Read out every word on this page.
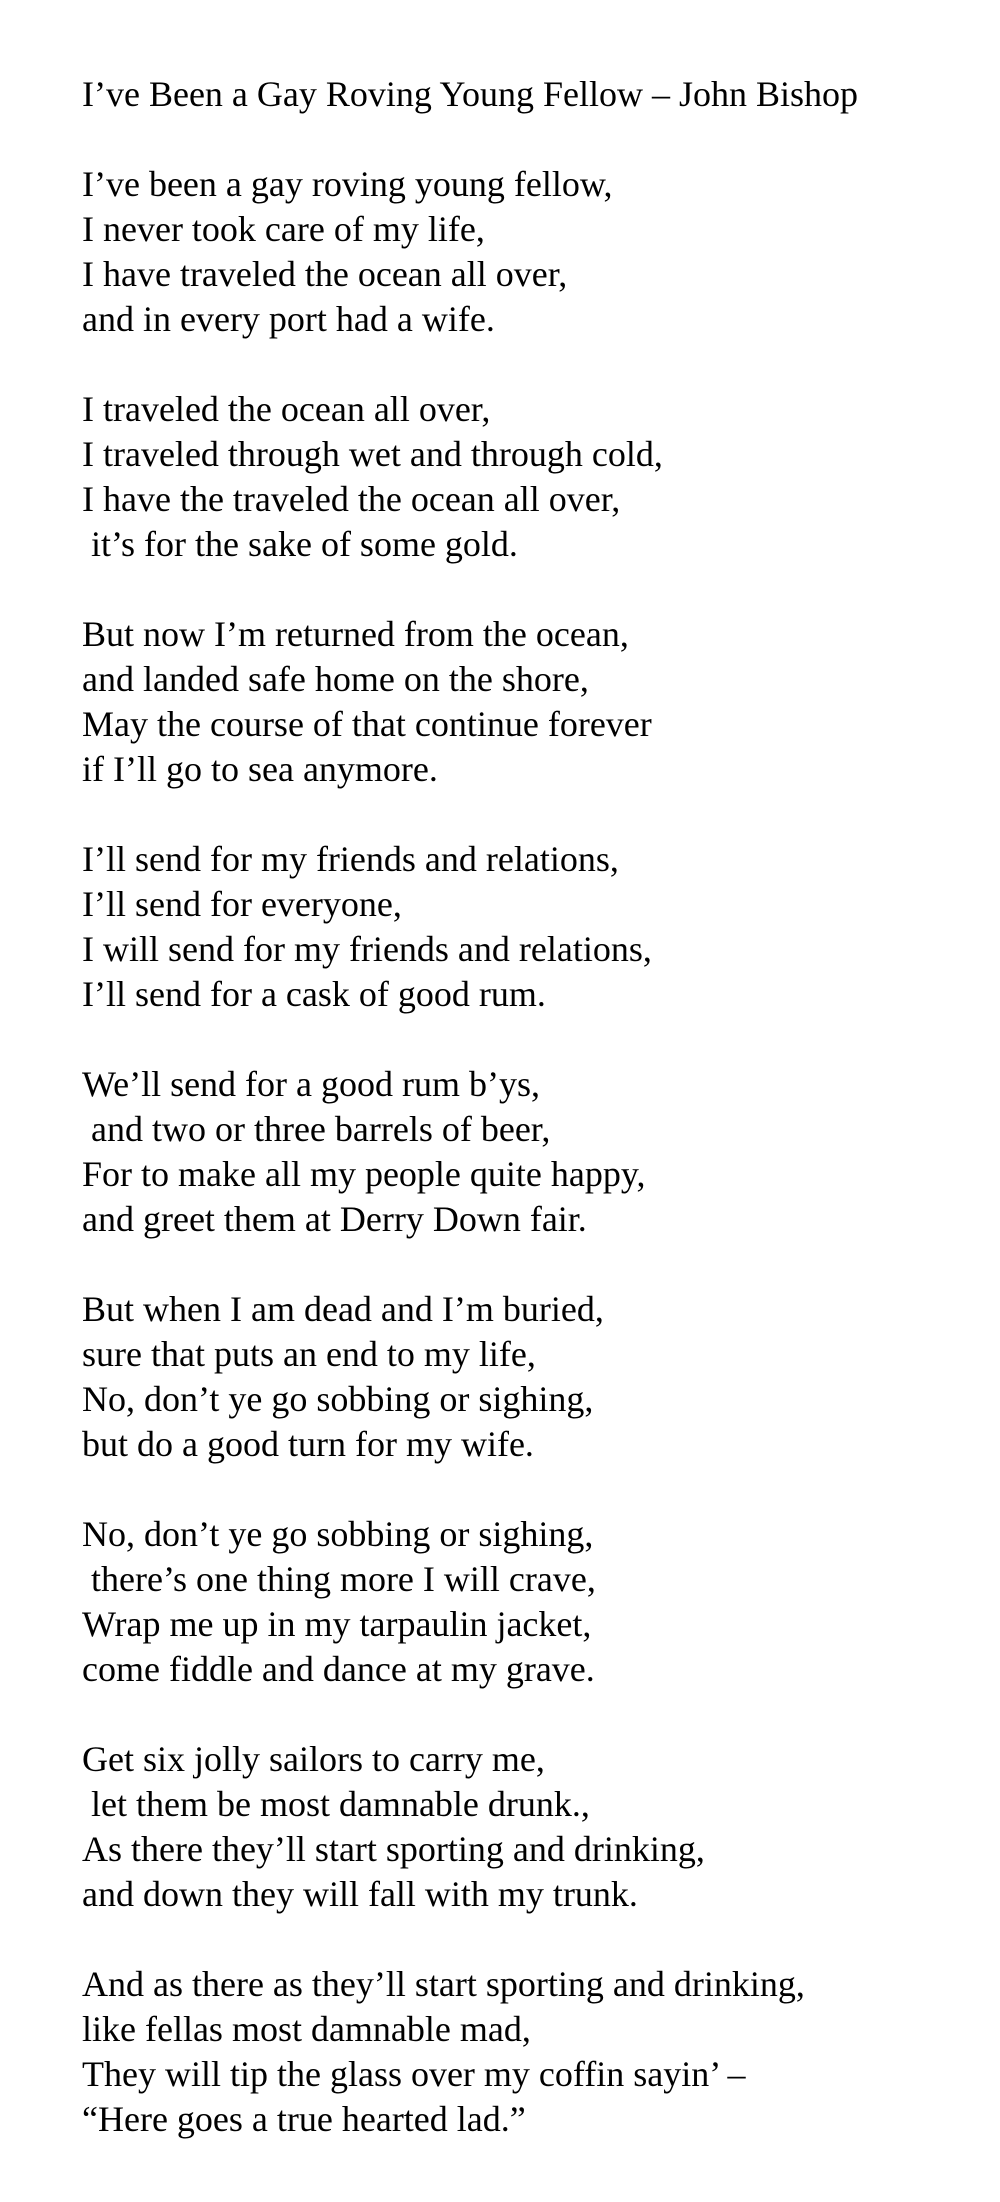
I’ve Been a Gay Roving Young Fellow – John Bishop
I’ve been a gay roving young fellow,
I never took care of my life,
I have traveled the ocean all over,
and in every port had a wife.
I traveled the ocean all over,
I traveled through wet and through cold,
I have the traveled the ocean all over,
it’s for the sake of some gold.
But now I’m returned from the ocean,
and landed safe home on the shore,
May the course of that continue forever
if I’ll go to sea anymore.
I’ll send for my friends and relations,
I’ll send for everyone,
I will send for my friends and relations,
I’ll send for a cask of good rum.
We’ll send for a good rum b’ys,
and two or three barrels of beer,
For to make all my people quite happy,
and greet them at Derry Down fair.
But when I am dead and I’m buried,
sure that puts an end to my life,
No, don’t ye go sobbing or sighing,
but do a good turn for my wife.
No, don’t ye go sobbing or sighing,
there’s one thing more I will crave,
Wrap me up in my tarpaulin jacket,
come fiddle and dance at my grave.
Get six jolly sailors to carry me,
let them be most damnable drunk.,
As there they’ll start sporting and drinking,
and down they will fall with my trunk.
And as there as they’ll start sporting and drinking,
like fellas most damnable mad,
They will tip the glass over my coffin sayin’ –
“Here goes a true hearted lad.”
